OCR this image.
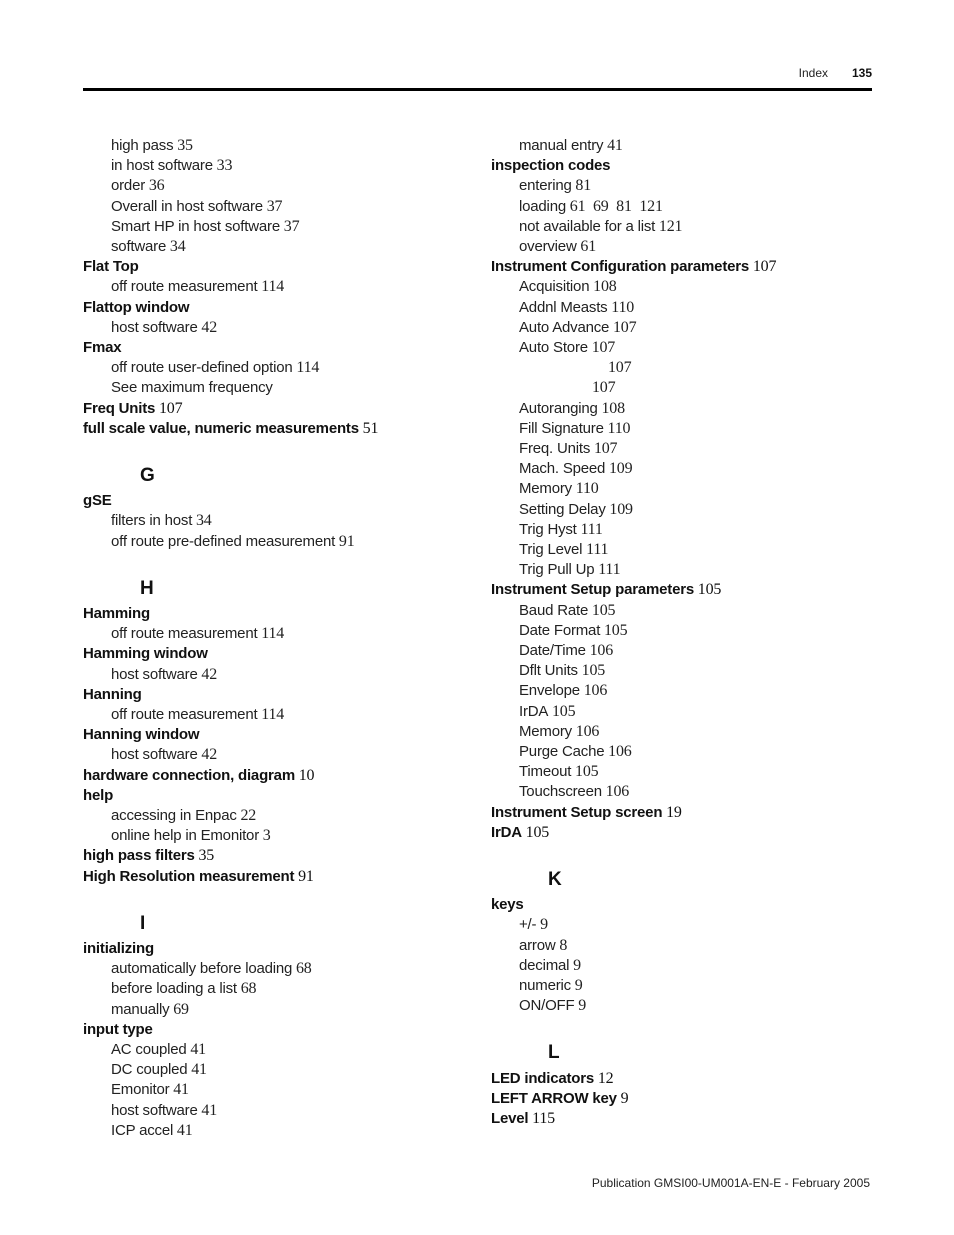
Index	135
high pass 35
in host software 33
order 36
Overall in host software 37
Smart HP in host software 37
software 34
Flat Top
off route measurement 114
Flattop window
host software 42
Fmax
off route user-defined option 114
See maximum frequency
Freq Units 107
full scale value, numeric measurements 51
G
gSE
filters in host 34
off route pre-defined measurement 91
H
Hamming
off route measurement 114
Hamming window
host software 42
Hanning
off route measurement 114
Hanning window
host software 42
hardware connection, diagram 10
help
accessing in Enpac 22
online help in Emonitor 3
high pass filters 35
High Resolution measurement 91
I
initializing
automatically before loading 68
before loading a list 68
manually 69
input type
AC coupled 41
DC coupled 41
Emonitor 41
host software 41
ICP accel 41
manual entry 41
inspection codes
entering 81
loading 61  69  81  121
not available for a list 121
overview 61
Instrument Configuration parameters 107
Acquisition 108
Addnl Measts 110
Auto Advance 107
Auto Store 107
107
107
Autoranging 108
Fill Signature 110
Freq. Units 107
Mach. Speed 109
Memory 110
Setting Delay 109
Trig Hyst 111
Trig Level 111
Trig Pull Up 111
Instrument Setup parameters 105
Baud Rate 105
Date Format 105
Date/Time 106
Dflt Units 105
Envelope 106
IrDA 105
Memory 106
Purge Cache 106
Timeout 105
Touchscreen 106
Instrument Setup screen 19
IrDA 105
K
keys
+/- 9
arrow 8
decimal 9
numeric 9
ON/OFF 9
L
LED indicators 12
LEFT ARROW key 9
Level 115
Publication GMSI00-UM001A-EN-E - February 2005
